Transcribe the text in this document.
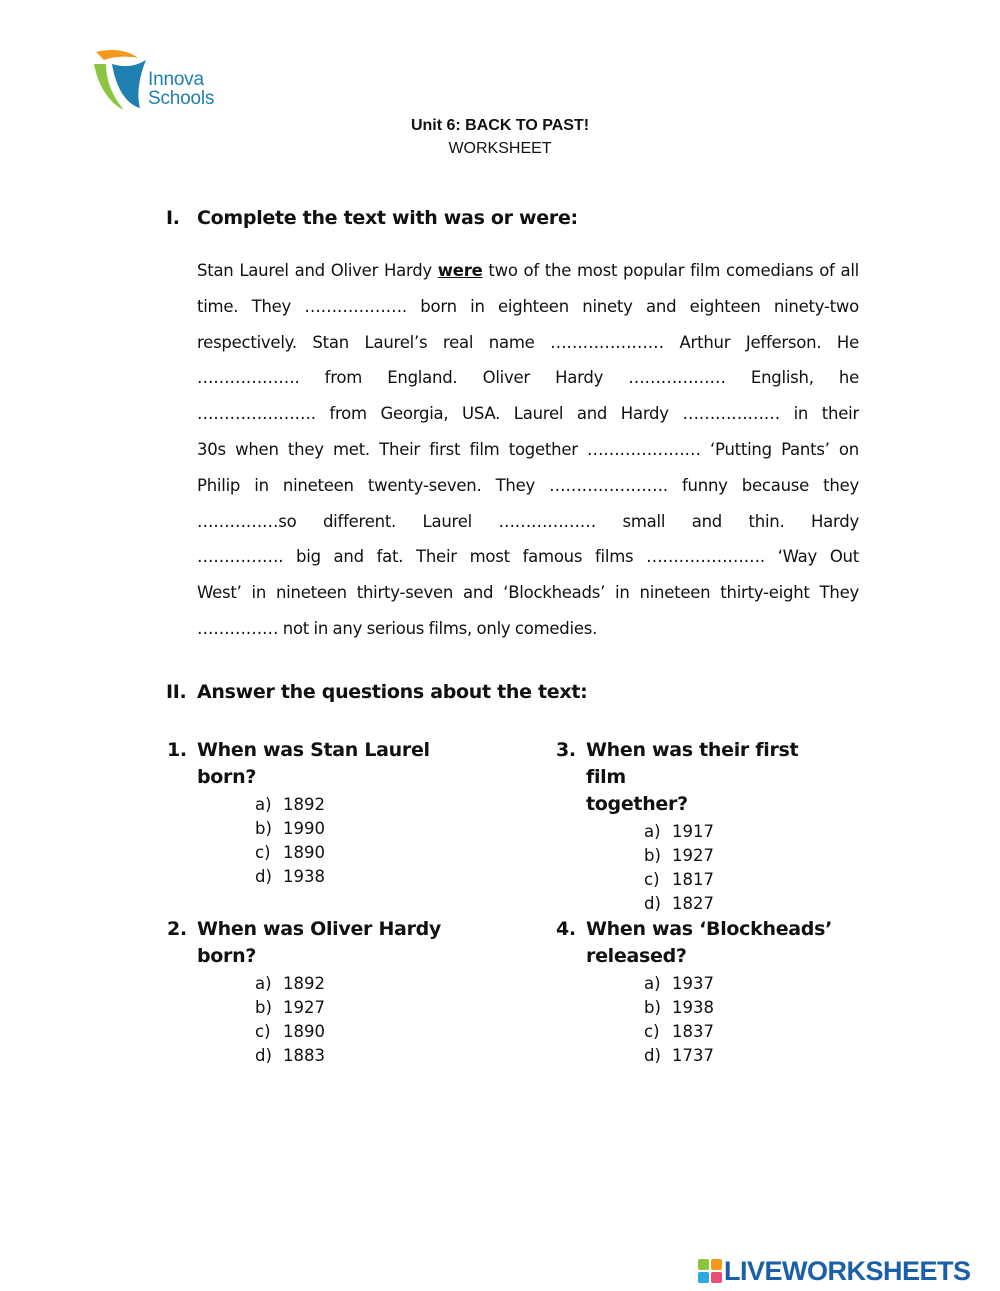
Innova
Schools
Unit 6: BACK TO PAST!
WORKSHEET
I. Complete the text with was or were:
Stan Laurel and Oliver Hardy were two of the most popular film comedians of all
time. They ………………. born in eighteen ninety and eighteen ninety-two
respectively. Stan Laurel’s real name ………………… Arthur Jefferson. He
………………. from England. Oliver Hardy ……………… English, he
…………………. from Georgia, USA. Laurel and Hardy ……………… in their
30s when they met. Their first film together ………………… ‘Putting Pants’ on
Philip in nineteen twenty-seven. They …………………. funny because they
……………so different. Laurel ……………… small and thin. Hardy
……………. big and fat. Their most famous films …………………. ‘Way Out
West’ in nineteen thirty-seven and ‘Blockheads’ in nineteen thirty-eight They
…………… not in any serious films, only comedies.
II. Answer the questions about the text:
1. When was Stan Laurel
born?
a) 1892
b) 1990
c) 1890
d) 1938
2. When was Oliver Hardy
born?
a) 1892
b) 1927
c) 1890
d) 1883
3. When was their first film
together?
a) 1917
b) 1927
c) 1817
d) 1827
4. When was ‘Blockheads’
released?
a) 1937
b) 1938
c) 1837
d) 1737
LIVEWORKSHEETS
